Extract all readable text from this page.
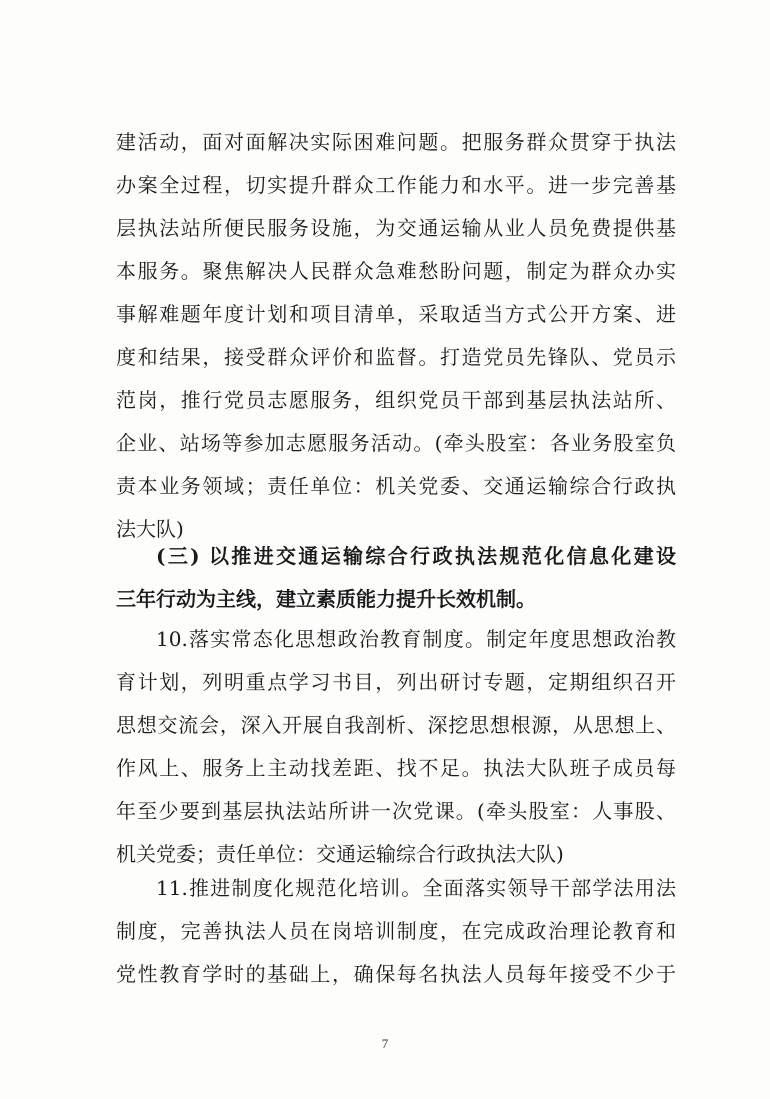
建活动，面对面解决实际困难问题。把服务群众贯穿于执法
办案全过程，切实提升群众工作能力和水平。进一步完善基
层执法站所便民服务设施，为交通运输从业人员免费提供基
本服务。聚焦解决人民群众急难愁盼问题，制定为群众办实
事解难题年度计划和项目清单，采取适当方式公开方案、进
度和结果，接受群众评价和监督。打造党员先锋队、党员示
范岗，推行党员志愿服务，组织党员干部到基层执法站所、
企业、站场等参加志愿服务活动。(牵头股室：各业务股室负
责本业务领域；责任单位：机关党委、交通运输综合行政执
法大队)
(三) 以推进交通运输综合行政执法规范化信息化建设
三年行动为主线，建立素质能力提升长效机制。
10.落实常态化思想政治教育制度。制定年度思想政治教
育计划，列明重点学习书目，列出研讨专题，定期组织召开
思想交流会，深入开展自我剖析、深挖思想根源，从思想上、
作风上、服务上主动找差距、找不足。执法大队班子成员每
年至少要到基层执法站所讲一次党课。(牵头股室：人事股、
机关党委；责任单位：交通运输综合行政执法大队)
11.推进制度化规范化培训。全面落实领导干部学法用法
制度，完善执法人员在岗培训制度，在完成政治理论教育和
党性教育学时的基础上，确保每名执法人员每年接受不少于
7
